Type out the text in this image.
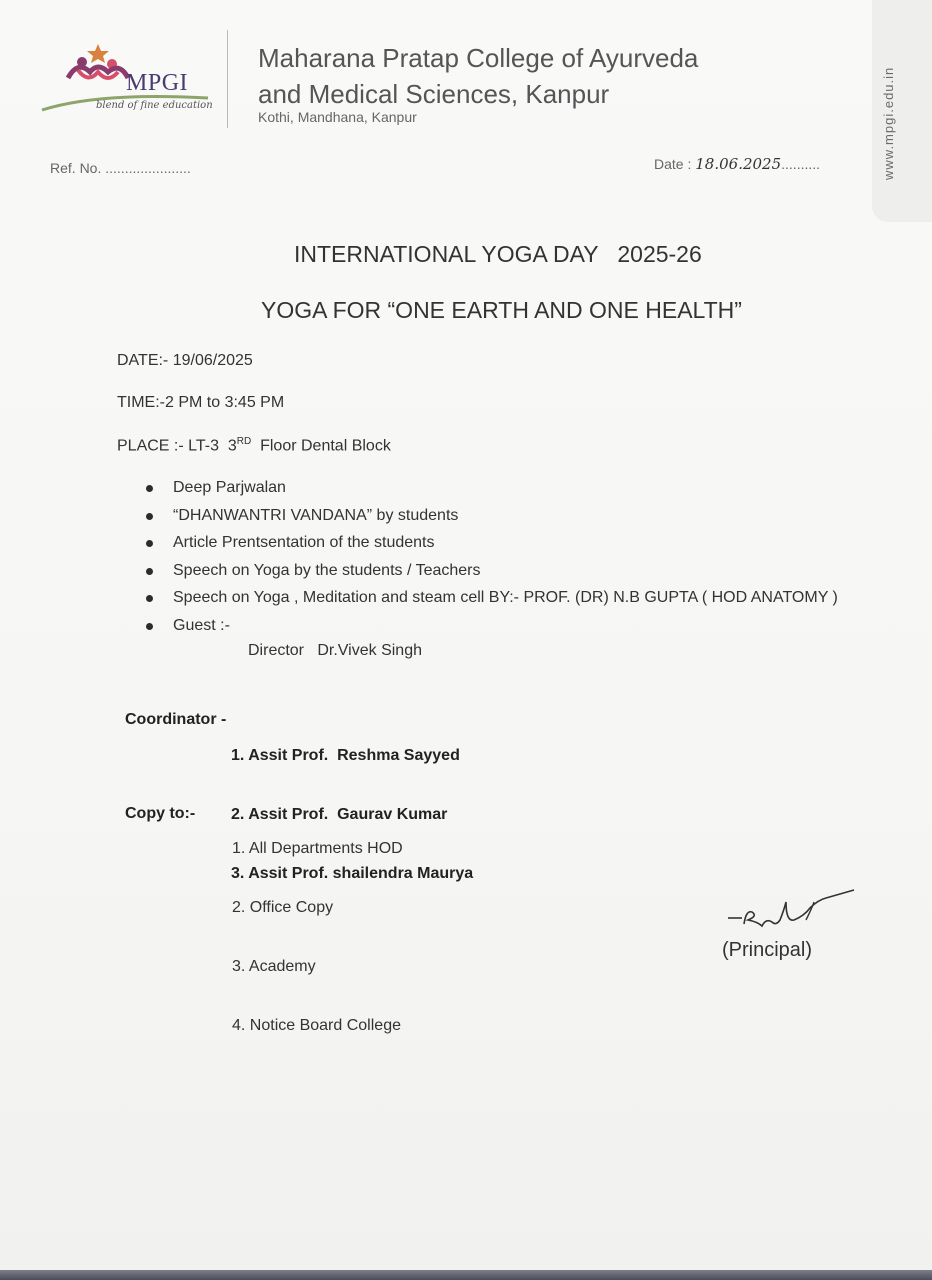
www.mpgi.edu.in
MPGI
blend of fine education
Maharana Pratap College of Ayurveda
and Medical Sciences, Kanpur
Kothi, Mandhana, Kanpur
Ref. No. ......................	Date : 18.06.2025..........
INTERNATIONAL YOGA DAY   2025-26
YOGA FOR “ONE EARTH AND ONE HEALTH”
DATE:- 19/06/2025
TIME:-2 PM to 3:45 PM
PLACE :- LT-3  3RD  Floor Dental Block
Deep Parjwalan
“DHANWANTRI VANDANA” by students
Article Prentsentation of the students
Speech on Yoga by the students / Teachers
Speech on Yoga , Meditation and steam cell BY:- PROF. (DR) N.B GUPTA ( HOD ANATOMY )
Guest :-
Director   Dr.Vivek Singh
Coordinator -

1. Assit Prof.  Reshma Sayyed

2. Assit Prof.  Gaurav Kumar

3. Assit Prof. shailendra Maurya

Copy to:-

1. All Departments HOD

2. Office Copy

3. Academy

4. Notice Board College

(Principal)
